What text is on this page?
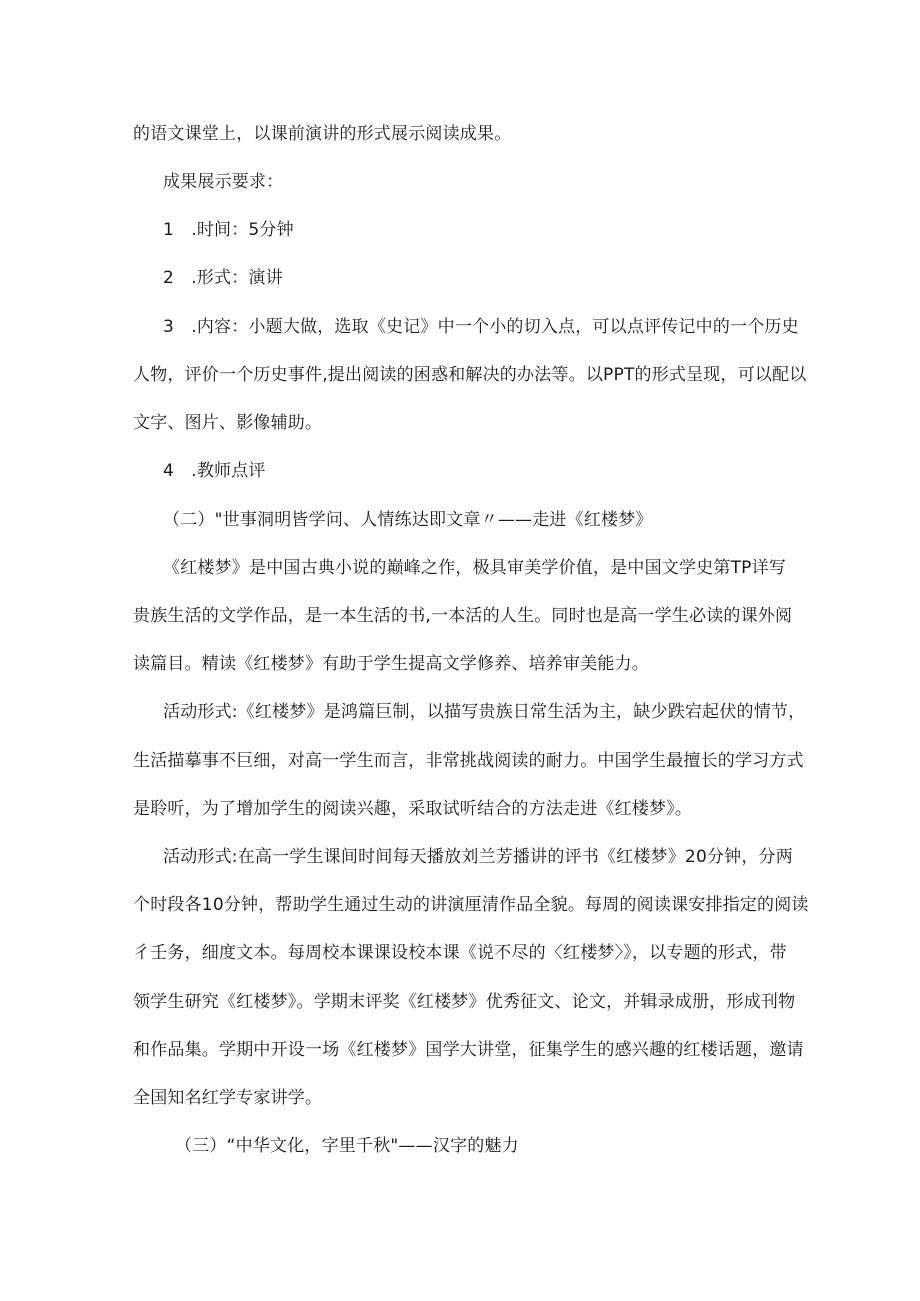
的语文课堂上，以课前演讲的形式展示阅读成果。
成果展示要求：
1　.时间：5分钟
2　.形式：演讲
3　.内容：小题大做，选取《史记》中一个小的切入点，可以点评传记中的一个历史
人物，评价一个历史事件,提出阅读的困惑和解决的办法等。以PPT的形式呈现，可以配以
文字、图片、影像辅助。
4　.教师点评
（二）"世事洞明皆学问、人情练达即文章〃——走进《红楼梦》
《红楼梦》是中国古典小说的巅峰之作，极具审美学价值，是中国文学史第TP详写
贵族生活的文学作品，是一本生活的书,一本活的人生。同时也是高一学生必读的课外阅
读篇目。精读《红楼梦》有助于学生提高文学修养、培养审美能力。
活动形式:《红楼梦》是鸿篇巨制，以描写贵族日常生活为主，缺少跌宕起伏的情节，
生活描摹事不巨细，对高一学生而言，非常挑战阅读的耐力。中国学生最擅长的学习方式
是聆听，为了增加学生的阅读兴趣，采取试听结合的方法走进《红楼梦》。
活动形式:在高一学生课间时间每天播放刘兰芳播讲的评书《红楼梦》20分钟，分两
个时段各10分钟，帮助学生通过生动的讲演厘清作品全貌。每周的阅读课安排指定的阅读
彳壬务，细度文本。每周校本课课设校本课《说不尽的〈红楼梦〉》，以专题的形式，带
领学生研究《红楼梦》。学期末评奖《红楼梦》优秀征文、论文，并辑录成册，形成刊物
和作品集。学期中开设一场《红楼梦》国学大讲堂，征集学生的感兴趣的红楼话题，邀请
全国知名红学专家讲学。
（三）“中华文化，字里千秋"——汉字的魅力
